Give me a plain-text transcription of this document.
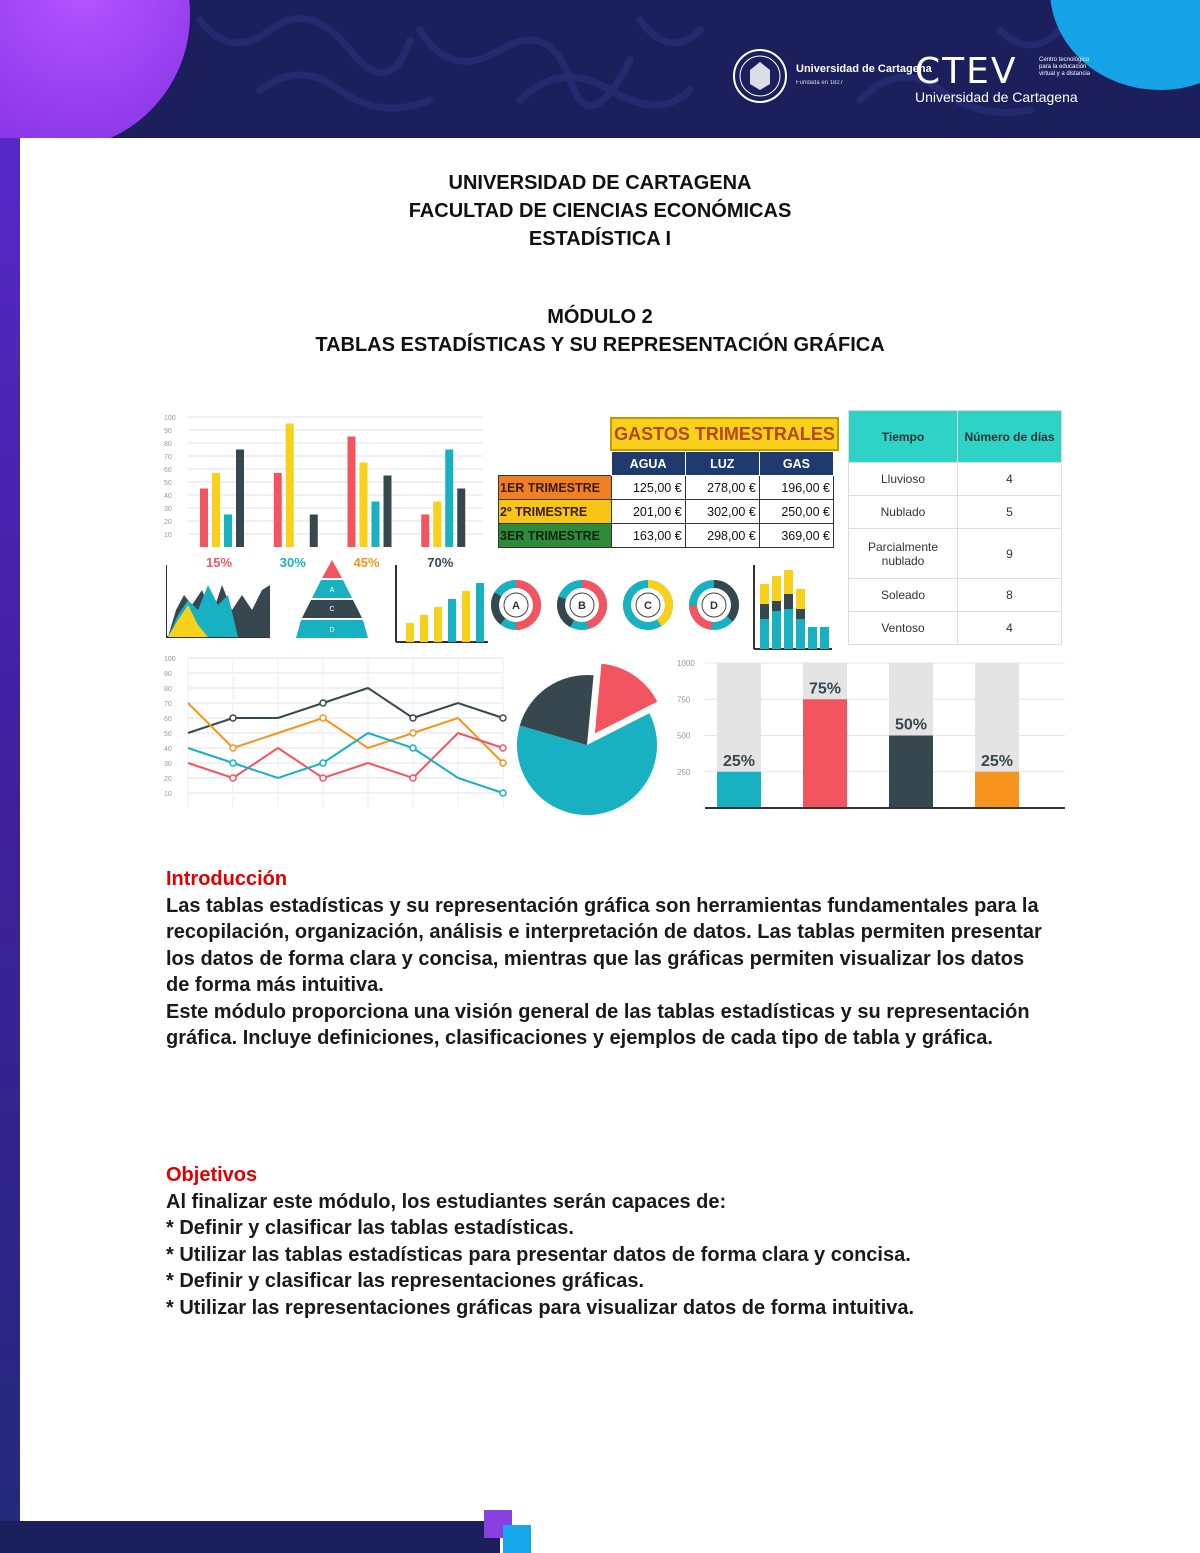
Universidad de Cartagena
Fundada en 1827	CTEV
Universidad de Cartagena
Centro tecnológico para la educación virtual y a distancia
UNIVERSIDAD DE CARTAGENA
FACULTAD DE CIENCIAS ECONÓMICAS
ESTADÍSTICA I
MÓDULO 2
TABLAS ESTADÍSTICAS Y SU REPRESENTACIÓN GRÁFICA
10
20
30
40
50
60
70
80
90
100
15%	30%	45%	70%
A
C
D
A	B	C	D
GASTOS TRIMESTRALES
	AGUA	LUZ	GAS
1ER TRIMESTRE	125,00 €	278,00 €	196,00 €
2º TRIMESTRE	201,00 €	302,00 €	250,00 €
3ER TRIMESTRE	163,00 €	298,00 €	369,00 €
Tiempo	Número de días
Lluvioso	4
Nublado	5
Parcialmente nublado	9
Soleado	8
Ventoso	4
10
20
30
40
50
60
70
80
90
100
250
500
750
1000
25%
75%
50%
25%
Introducción

Las tablas estadísticas y su representación gráfica son herramientas fundamentales para la recopilación, organización, análisis e interpretación de datos. Las tablas permiten presentar los datos de forma clara y concisa, mientras que las gráficas permiten visualizar los datos de forma más intuitiva.

Este módulo proporciona una visión general de las tablas estadísticas y su representación gráfica. Incluye definiciones, clasificaciones y ejemplos de cada tipo de tabla y gráfica.

Objetivos

Al finalizar este módulo, los estudiantes serán capaces de:

* Definir y clasificar las tablas estadísticas.

* Utilizar las tablas estadísticas para presentar datos de forma clara y concisa.

* Definir y clasificar las representaciones gráficas.

* Utilizar las representaciones gráficas para visualizar datos de forma intuitiva.
